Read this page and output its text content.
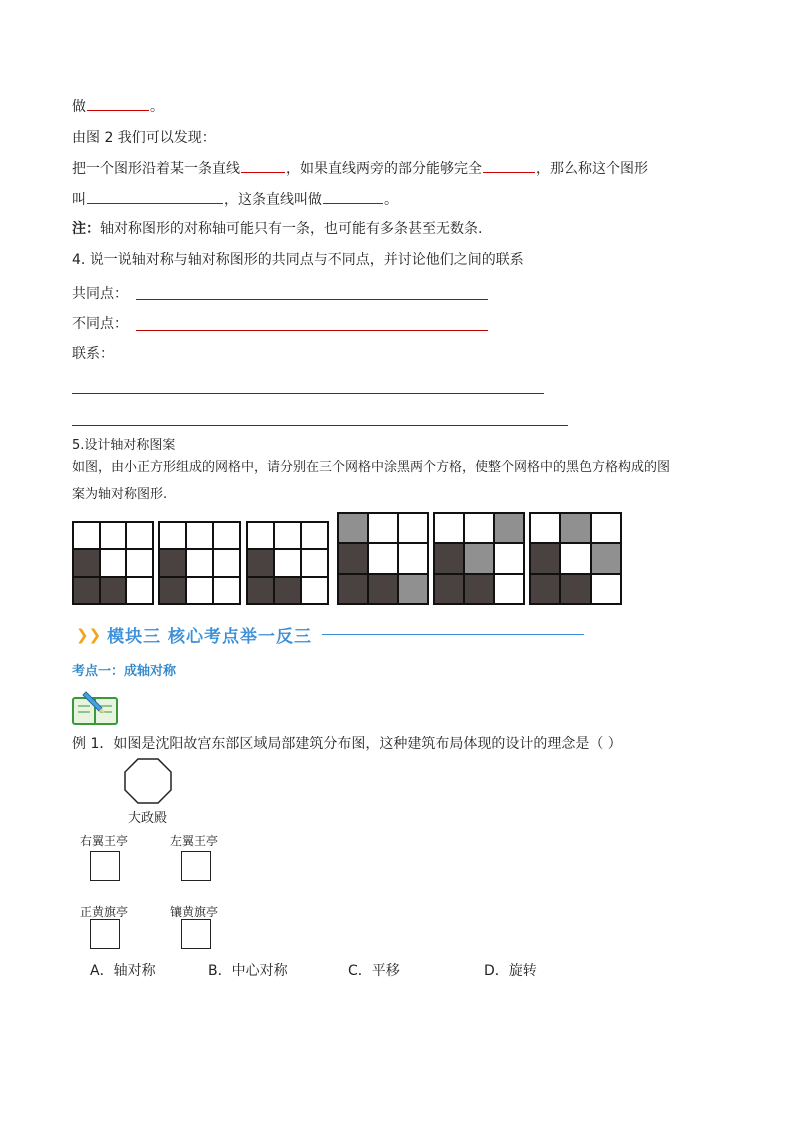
做	。
由图 2 我们可以发现：
把一个图形沿着某一条直线	，如果直线两旁的部分能够完全	，那么称这个图形
叫	，这条直线叫做	。
注：轴对称图形的对称轴可能只有一条，也可能有多条甚至无数条.
4. 说一说轴对称与轴对称图形的共同点与不同点，并讨论他们之间的联系
共同点：
不同点：
联系：
5.设计轴对称图案
如图，由小正方形组成的网格中，请分别在三个网格中涂黑两个方格，使整个网格中的黑色方格构成的图
案为轴对称图形.
❯❯ 模块三 核心考点举一反三
考点一：成轴对称
例 1．如图是沈阳故宫东部区域局部建筑分布图，这种建筑布局体现的设计的理念是（ ）
大政殿
右翼王亭	左翼王亭
正黄旗亭	镶黄旗亭
A．轴对称	B．中心对称	C．平移	D．旋转
